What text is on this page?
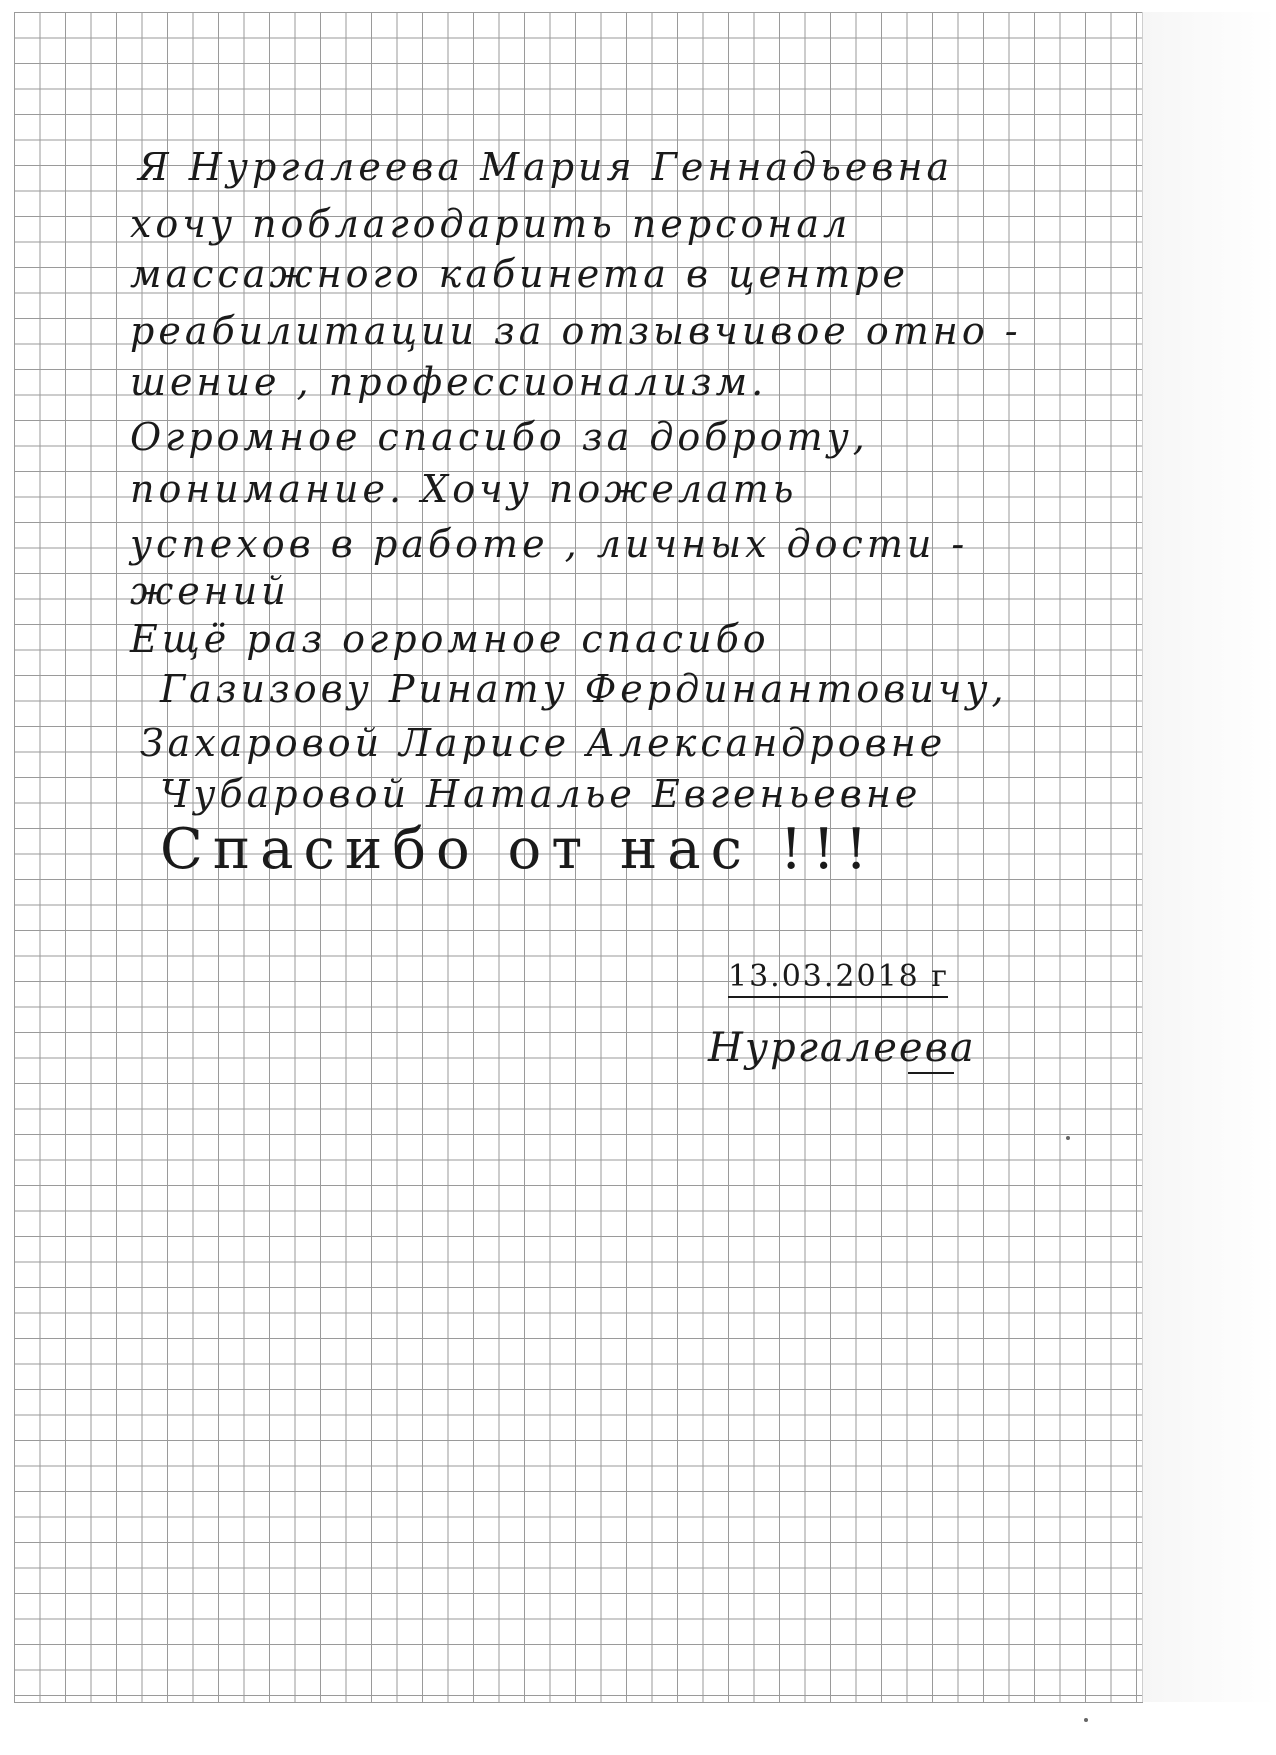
Я Нургалеева Мария Геннадьевна
хочу поблагодарить персонал
массажного кабинета в центре
реабилитации за отзывчивое отно -
шение , профессионализм.
Огромное спасибо за доброту,
понимание. Хочу пожелать
успехов в работе , личных дости -
жений
Ещё раз огромное спасибо
Газизову Ринату Фердинантовичу,
Захаровой Ларисе Александровне
Чубаровой Наталье Евгеньевне
Спасибо от нас !!!
13.03.2018 г
Нургалеева
